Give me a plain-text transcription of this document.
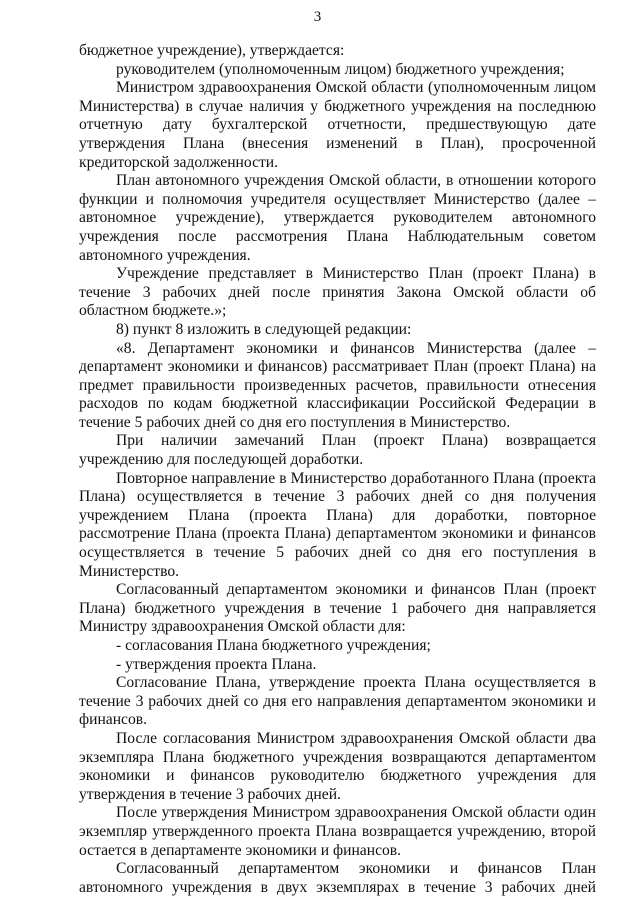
3

бюджетное учреждение), утверждается:

руководителем (уполномоченным лицом) бюджетного учреждения;

Министром здравоохранения Омской области (уполномоченным лицом Министерства) в случае наличия у бюджетного учреждения на последнюю отчетную дату бухгалтерской отчетности, предшествующую дате утверждения Плана (внесения изменений в План), просроченной кредиторской задолженности.

План автономного учреждения Омской области, в отношении которого функции и полномочия учредителя осуществляет Министерство (далее – автономное учреждение), утверждается руководителем автономного учреждения после рассмотрения Плана Наблюдательным советом автономного учреждения.

Учреждение представляет в Министерство План (проект Плана) в течение 3 рабочих дней после принятия Закона Омской области об областном бюджете.»;

8) пункт 8 изложить в следующей редакции:

«8. Департамент экономики и финансов Министерства (далее – департамент экономики и финансов) рассматривает План (проект Плана) на предмет правильности произведенных расчетов, правильности отнесения расходов по кодам бюджетной классификации Российской Федерации в течение 5 рабочих дней со дня его поступления в Министерство.

При наличии замечаний План (проект Плана) возвращается учреждению для последующей доработки.

Повторное направление в Министерство доработанного Плана (проекта Плана) осуществляется в течение 3 рабочих дней со дня получения учреждением Плана (проекта Плана) для доработки, повторное рассмотрение Плана (проекта Плана) департаментом экономики и финансов осуществляется в течение 5 рабочих дней со дня его поступления в Министерство.

Согласованный департаментом экономики и финансов План (проект Плана) бюджетного учреждения в течение 1 рабочего дня направляется Министру здравоохранения Омской области для:

- согласования Плана бюджетного учреждения;

- утверждения проекта Плана.

Согласование Плана, утверждение проекта Плана осуществляется в течение 3 рабочих дней со дня его направления департаментом экономики и финансов.

После согласования Министром здравоохранения Омской области два экземпляра Плана бюджетного учреждения возвращаются департаментом экономики и финансов руководителю бюджетного учреждения для утверждения в течение 3 рабочих дней.

После утверждения Министром здравоохранения Омской области один экземпляр утвержденного проекта Плана возвращается учреждению, второй остается в департаменте экономики и финансов.

Согласованный департаментом экономики и финансов План автономного учреждения в двух экземплярах в течение 3 рабочих дней
